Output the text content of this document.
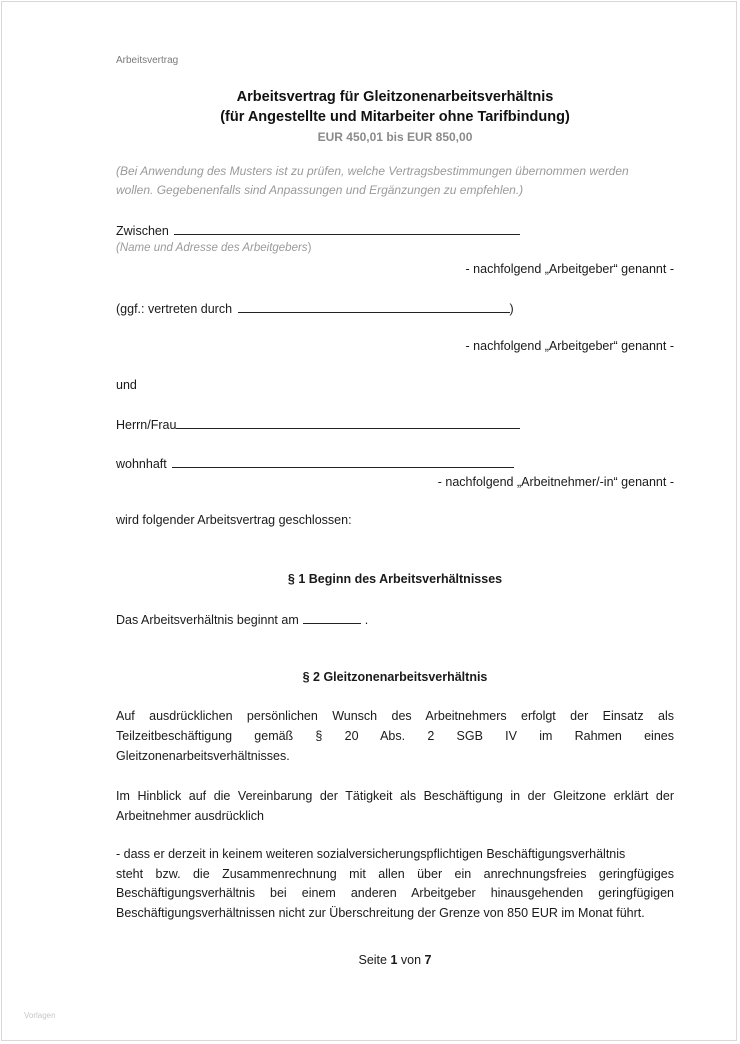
Arbeitsvertrag
Arbeitsvertrag für Gleitzonenarbeitsverhältnis
(für Angestellte und Mitarbeiter ohne Tarifbindung)
EUR 450,01 bis EUR 850,00
(Bei Anwendung des Musters ist zu prüfen, welche Vertragsbestimmungen übernommen werden
wollen. Gegebenenfalls sind Anpassungen und Ergänzungen zu empfehlen.)
Zwischen
(Name und Adresse des Arbeitgebers)
- nachfolgend „Arbeitgeber“ genannt -
(ggf.: vertreten durch	)
- nachfolgend „Arbeitgeber“ genannt -
und
Herrn/Frau
wohnhaft
- nachfolgend „Arbeitnehmer/-in“ genannt -
wird folgender Arbeitsvertrag geschlossen:
§ 1 Beginn des Arbeitsverhältnisses
Das Arbeitsverhältnis beginnt am	.
§ 2 Gleitzonenarbeitsverhältnis
Auf ausdrücklichen persönlichen Wunsch des Arbeitnehmers erfolgt der Einsatz als
Teilzeitbeschäftigung gemäß § 20 Abs. 2 SGB IV im Rahmen eines
Gleitzonenarbeitsverhältnisses.
Im Hinblick auf die Vereinbarung der Tätigkeit als Beschäftigung in der Gleitzone erklärt der
Arbeitnehmer ausdrücklich
- dass er derzeit in keinem weiteren sozialversicherungspflichtigen Beschäftigungsverhältnis
steht bzw. die Zusammenrechnung mit allen über ein anrechnungsfreies geringfügiges
Beschäftigungsverhältnis bei einem anderen Arbeitgeber hinausgehenden geringfügigen
Beschäftigungsverhältnissen nicht zur Überschreitung der Grenze von 850 EUR im Monat führt.
Seite 1 von 7
Vorlagen
